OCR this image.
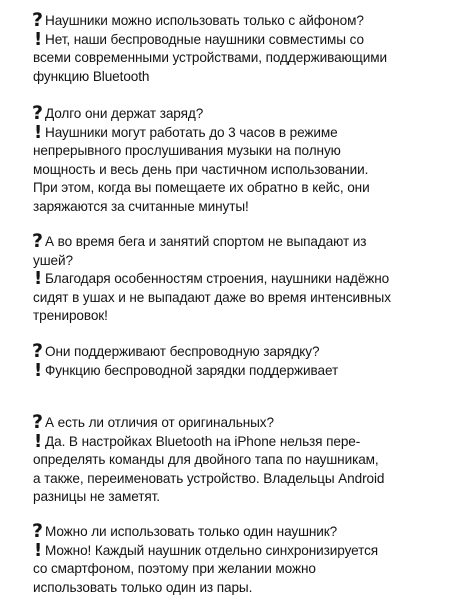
? Наушники можно использовать только с айфоном?

! Нет, наши беспроводные наушники совместимы со

всеми современными устройствами, поддерживающими

функцию Bluetooth

? Долго они держат заряд?

! Наушники могут работать до 3 часов в режиме

непрерывного прослушивания музыки на полную

мощность и весь день при частичном использовании.

При этом, когда вы помещаете их обратно в кейс, они

заряжаются за считанные минуты!

? А во время бега и занятий спортом не выпадают из

ушей?

! Благодаря особенностям строения, наушники надёжно

сидят в ушах и не выпадают даже во время интенсивных

тренировок!

? Они поддерживают беспроводную зарядку?

! Функцию беспроводной зарядки поддерживает

? А есть ли отличия от оригинальных?

! Да. В настройках Bluetooth на iPhone нельзя пере-

определять команды для двойного тапа по наушникам,

а также, переименовать устройство. Владельцы Android

разницы не заметят.

? Можно ли использовать только один наушник?

! Можно! Каждый наушник отдельно синхронизируется

со смартфоном, поэтому при желании можно

использовать только один из пары.
